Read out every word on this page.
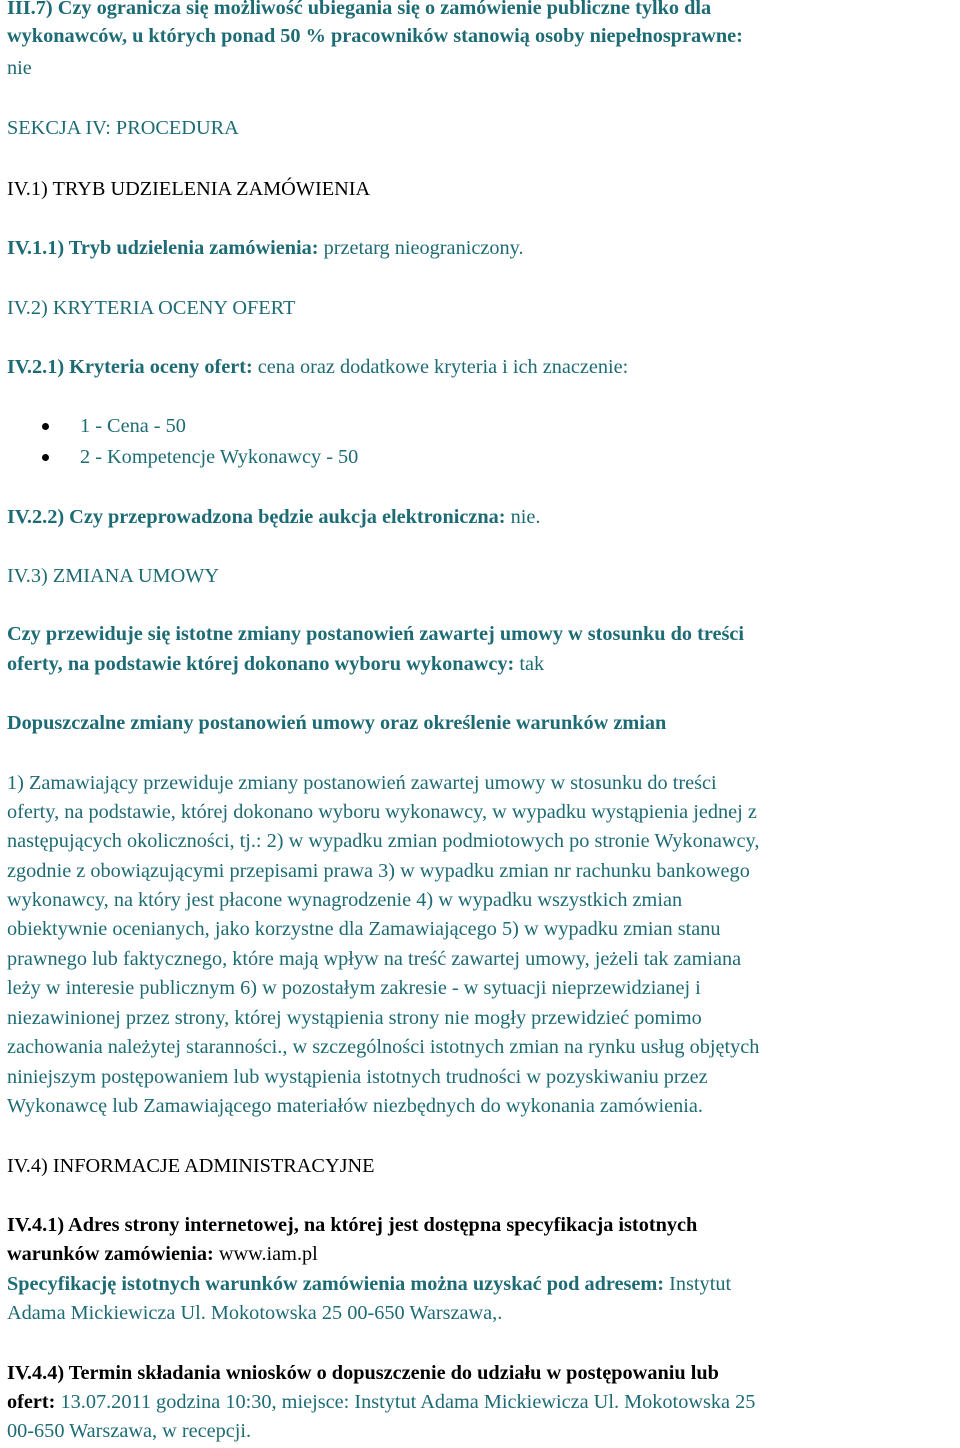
III.7) Czy ogranicza się możliwość ubiegania się o zamówienie publiczne tylko dla
wykonawców, u których ponad 50 % pracowników stanowią osoby niepełnosprawne:
nie
SEKCJA IV: PROCEDURA
IV.1) TRYB UDZIELENIA ZAMÓWIENIA
IV.1.1) Tryb udzielenia zamówienia: przetarg nieograniczony.
IV.2) KRYTERIA OCENY OFERT
IV.2.1) Kryteria oceny ofert: cena oraz dodatkowe kryteria i ich znaczenie:
1 - Cena - 50
2 - Kompetencje Wykonawcy - 50
IV.2.2) Czy przeprowadzona będzie aukcja elektroniczna: nie.
IV.3) ZMIANA UMOWY
Czy przewiduje się istotne zmiany postanowień zawartej umowy w stosunku do treści
oferty, na podstawie której dokonano wyboru wykonawcy: tak
Dopuszczalne zmiany postanowień umowy oraz określenie warunków zmian
1) Zamawiający przewiduje zmiany postanowień zawartej umowy w stosunku do treści
oferty, na podstawie, której dokonano wyboru wykonawcy, w wypadku wystąpienia jednej z
następujących okoliczności, tj.: 2) w wypadku zmian podmiotowych po stronie Wykonawcy,
zgodnie z obowiązującymi przepisami prawa 3) w wypadku zmian nr rachunku bankowego
wykonawcy, na który jest płacone wynagrodzenie 4) w wypadku wszystkich zmian
obiektywnie ocenianych, jako korzystne dla Zamawiającego 5) w wypadku zmian stanu
prawnego lub faktycznego, które mają wpływ na treść zawartej umowy, jeżeli tak zamiana
leży w interesie publicznym 6) w pozostałym zakresie - w sytuacji nieprzewidzianej i
niezawinionej przez strony, której wystąpienia strony nie mogły przewidzieć pomimo
zachowania należytej staranności., w szczególności istotnych zmian na rynku usług objętych
niniejszym postępowaniem lub wystąpienia istotnych trudności w pozyskiwaniu przez
Wykonawcę lub Zamawiającego materiałów niezbędnych do wykonania zamówienia.
IV.4) INFORMACJE ADMINISTRACYJNE
IV.4.1) Adres strony internetowej, na której jest dostępna specyfikacja istotnych
warunków zamówienia: www.iam.pl
Specyfikację istotnych warunków zamówienia można uzyskać pod adresem: Instytut
Adama Mickiewicza Ul. Mokotowska 25 00-650 Warszawa,.
IV.4.4) Termin składania wniosków o dopuszczenie do udziału w postępowaniu lub
ofert: 13.07.2011 godzina 10:30, miejsce: Instytut Adama Mickiewicza Ul. Mokotowska 25
00-650 Warszawa, w recepcji.
